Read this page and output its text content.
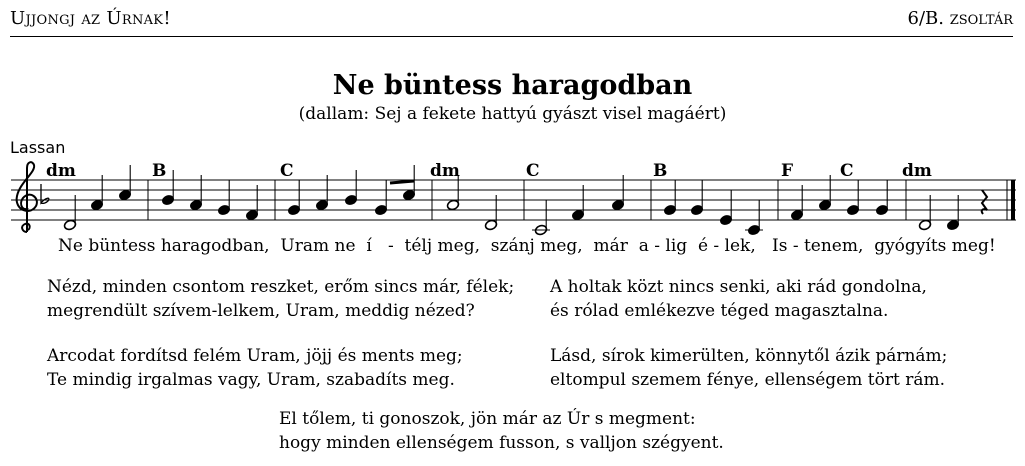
Ujjongj az Úrnak!	6/B. zsoltár
Ne büntess haragodban
(dallam: Sej a fekete hattyú gyászt visel magáért)
Lassan
dm	B	C	dm	C	B	F	C	dm
Ne büntess haragodban,  Uram ne  í   -  télj meg,  szánj meg,  már  a - lig  é - lek,   Is - tenem,  gyógyíts meg!
Nézd, minden csontom reszket, erőm sincs már, félek;
megrendült szívem-lelkem, Uram, meddig nézed?
A holtak közt nincs senki, aki rád gondolna,
és rólad emlékezve téged magasztalna.
Arcodat fordítsd felém Uram, jöjj és ments meg;
Te mindig irgalmas vagy, Uram, szabadíts meg.
Lásd, sírok kimerülten, könnytől ázik párnám;
eltompul szemem fénye, ellenségem tört rám.
El tőlem, ti gonoszok, jön már az Úr s megment:
hogy minden ellenségem fusson, s valljon szégyent.
